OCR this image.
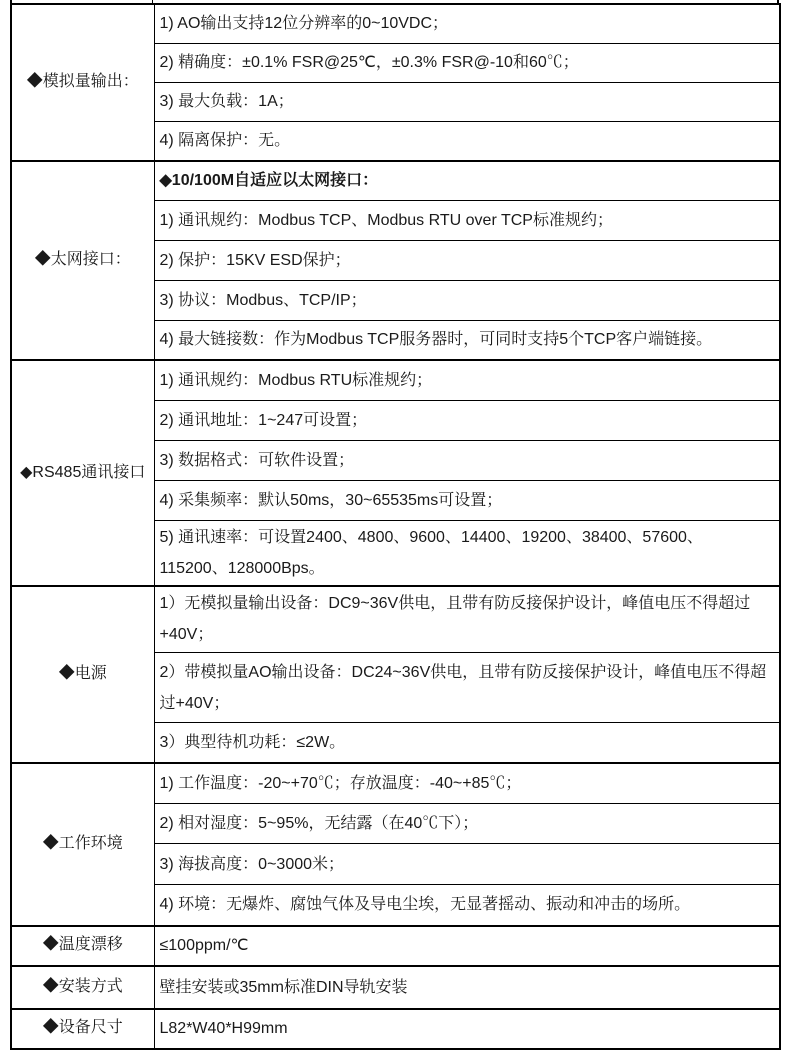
◆模拟量输出：	1) AO输出支持12位分辨率的0~10VDC；
	2) 精确度：±0.1% FSR@25℃，±0.3% FSR@-10和60℃；
	3) 最大负载：1A；
	4) 隔离保护：无。
◆太网接口：	◆10/100M自适应以太网接口：
	1) 通讯规约：Modbus TCP、Modbus RTU over TCP标准规约；
	2) 保护：15KV ESD保护；
	3) 协议：Modbus、TCP/IP；
	4) 最大链接数：作为Modbus TCP服务器时，可同时支持5个TCP客户端链接。
◆RS485通讯接口	1) 通讯规约：Modbus RTU标准规约；
	2) 通讯地址：1~247可设置；
	3) 数据格式：可软件设置；
	4) 采集频率：默认50ms，30~65535ms可设置；
	5) 通讯速率：可设置2400、4800、9600、14400、19200、38400、57600、115200、128000Bps。
◆电源	1）无模拟量输出设备：DC9~36V供电，且带有防反接保护设计，峰值电压不得超过+40V；
	2）带模拟量AO输出设备：DC24~36V供电，且带有防反接保护设计，峰值电压不得超过+40V；
	3）典型待机功耗：≤2W。
◆工作环境	1) 工作温度：-20~+70℃；存放温度：-40~+85℃；
	2) 相对湿度：5~95%，无结露（在40℃下）；
	3) 海拔高度：0~3000米；
	4) 环境：无爆炸、腐蚀气体及导电尘埃，无显著摇动、振动和冲击的场所。
◆温度漂移	≤100ppm/℃
◆安装方式	壁挂安装或35mm标准DIN导轨安装
◆设备尺寸	L82*W40*H99mm
